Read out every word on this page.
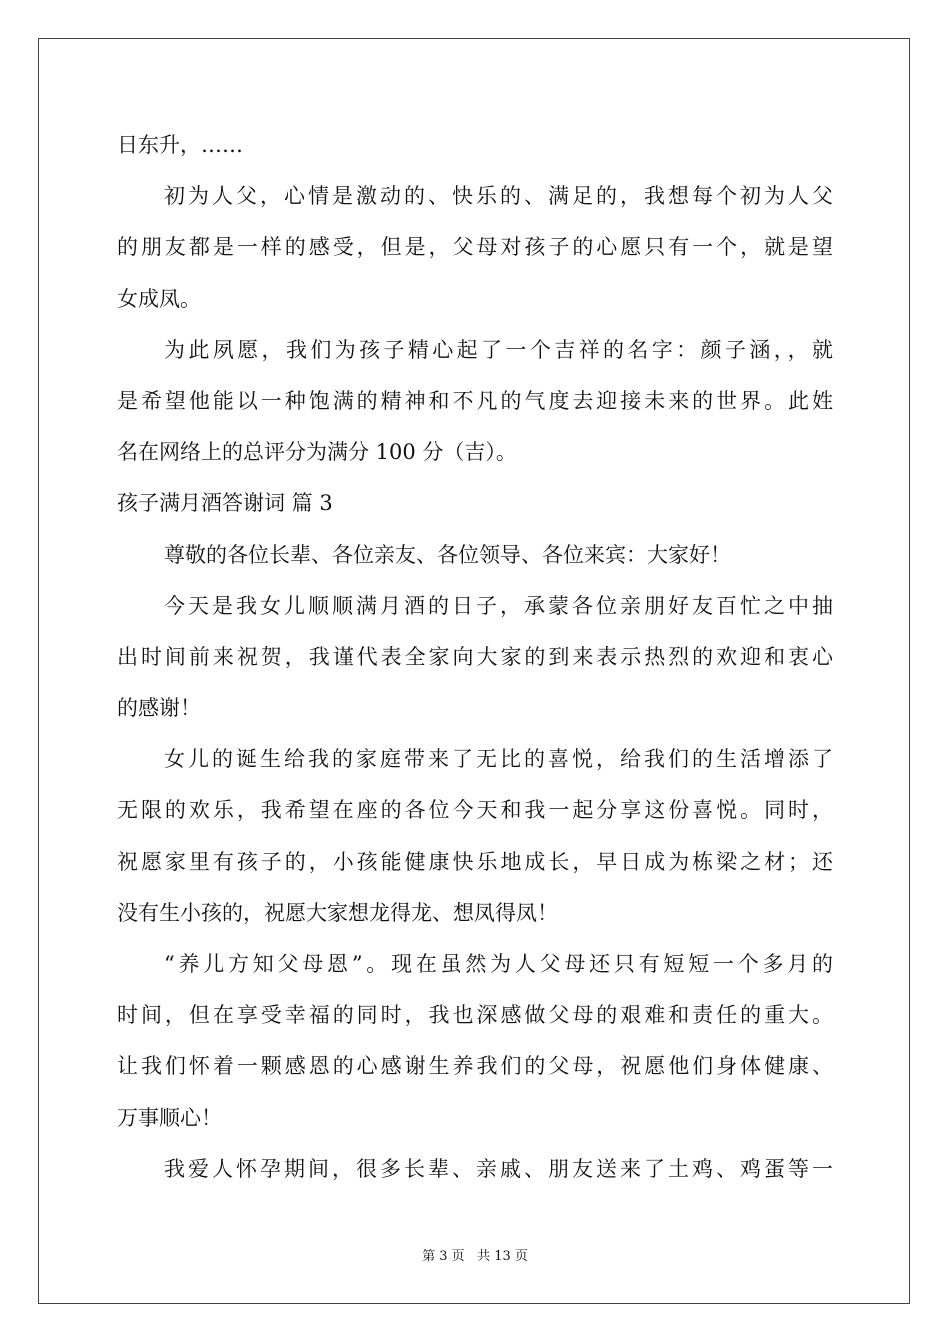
日东升，……
初为人父，心情是激动的、快乐的、满足的，我想每个初为人父
的朋友都是一样的感受，但是，父母对孩子的心愿只有一个，就是望
女成凤。
为此夙愿，我们为孩子精心起了一个吉祥的名字：颜子涵，，就
是希望他能以一种饱满的精神和不凡的气度去迎接未来的世界。此姓
名在网络上的总评分为满分 100 分（吉）。
孩子满月酒答谢词 篇 3
尊敬的各位长辈、各位亲友、各位领导、各位来宾：大家好！
今天是我女儿顺顺满月酒的日子，承蒙各位亲朋好友百忙之中抽
出时间前来祝贺，我谨代表全家向大家的到来表示热烈的欢迎和衷心
的感谢！
女儿的诞生给我的家庭带来了无比的喜悦，给我们的生活增添了
无限的欢乐，我希望在座的各位今天和我一起分享这份喜悦。同时，
祝愿家里有孩子的，小孩能健康快乐地成长，早日成为栋梁之材；还
没有生小孩的，祝愿大家想龙得龙、想凤得凤！
“养儿方知父母恩”。现在虽然为人父母还只有短短一个多月的
时间，但在享受幸福的同时，我也深感做父母的艰难和责任的重大。
让我们怀着一颗感恩的心感谢生养我们的父母，祝愿他们身体健康、
万事顺心！
我爱人怀孕期间，很多长辈、亲戚、朋友送来了土鸡、鸡蛋等一
第 3 页 共 13 页
